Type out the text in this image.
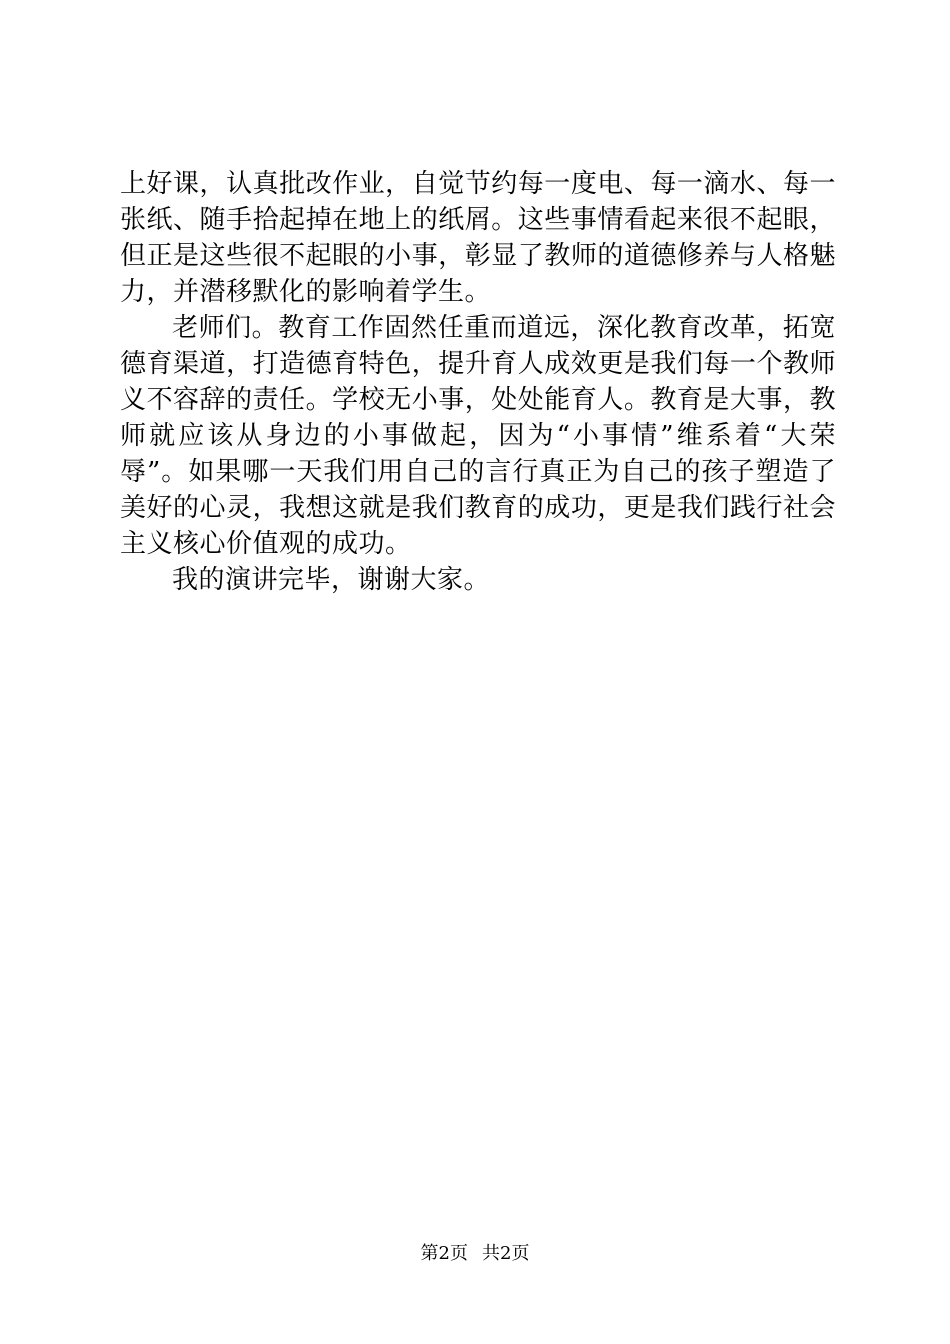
上好课，认真批改作业，自觉节约每一度电、每一滴水、每一
张纸、随手拾起掉在地上的纸屑。这些事情看起来很不起眼，
但正是这些很不起眼的小事，彰显了教师的道德修养与人格魅
力，并潜移默化的影响着学生。
老师们。教育工作固然任重而道远，深化教育改革，拓宽
德育渠道，打造德育特色，提升育人成效更是我们每一个教师
义不容辞的责任。学校无小事，处处能育人。教育是大事，教
师就应该从身边的小事做起，因为“小事情”维系着“大荣
辱”。如果哪一天我们用自己的言行真正为自己的孩子塑造了
美好的心灵，我想这就是我们教育的成功，更是我们践行社会
主义核心价值观的成功。
我的演讲完毕，谢谢大家。
第2页 共2页
